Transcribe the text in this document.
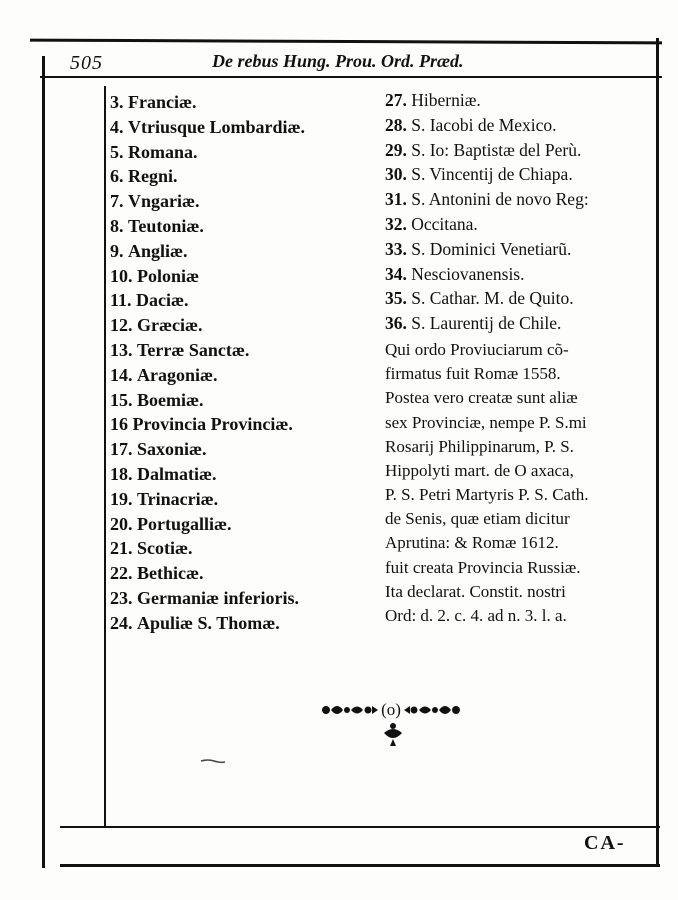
505	De rebus Hung. Prou. Ord. Præd.
3. Franciæ.
4. Vtriusque Lombardiæ.
5. Romana.
6. Regni.
7. Vngariæ.
8. Teutoniæ.
9. Angliæ.
10. Poloniæ
11. Daciæ.
12. Græciæ.
13. Terræ Sanctæ.
14. Aragoniæ.
15. Boemiæ.
16 Provincia Provinciæ.
17. Saxoniæ.
18. Dalmatiæ.
19. Trinacriæ.
20. Portugalliæ.
21. Scotiæ.
22. Bethicæ.
23. Germaniæ inferioris.
24. Apuliæ S. Thomæ.
27. Hiberniæ.
28. S. Iacobi de Mexico.
29. S. Io: Baptistæ del Perù.
30. S. Vincentij de Chiapa.
31. S. Antonini de novo Reg:
32. Occitana.
33. S. Dominici Venetiarũ.
34. Nesciovanensis.
35. S. Cathar. M. de Quito.
36. S. Laurentij de Chile.
Qui ordo Proviuciarum cõ-
firmatus fuit Romæ 1558.
Postea vero creatæ sunt aliæ
sex Provinciæ, nempe P. S.mi
Rosarij Philippinarum, P. S.
Hippolyti mart. de O axaca,
P. S. Petri Martyris P. S. Cath.
de Senis, quæ etiam dicitur
Aprutina: & Romæ 1612.
fuit creata Provincia Russiæ.
Ita declarat. Constit. nostri
Ord: d. 2. c. 4. ad n. 3. l. a.
(o)
CA-
